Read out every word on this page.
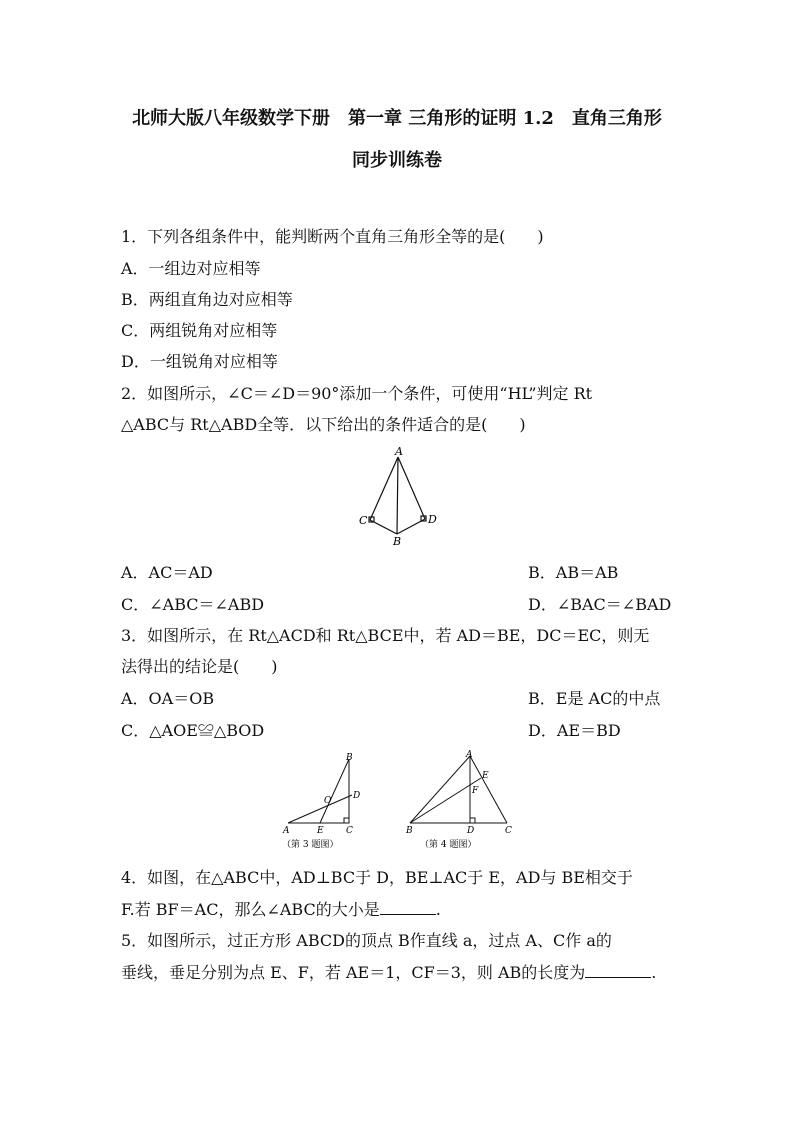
北师大版八年级数学下册　第一章 三角形的证明 1.2　直角三角形
同步训练卷
1．下列各组条件中，能判断两个直角三角形全等的是(　　)
A．一组边对应相等
B．两组直角边对应相等
C．两组锐角对应相等
D．一组锐角对应相等
2．如图所示，∠C＝∠D＝90°添加一个条件，可使用“HL”判定 Rt
△ABC与 Rt△ABD全等．以下给出的条件适合的是(　　)
A
C	D
B
A．AC＝AD	B．AB＝AB
C．∠ABC＝∠ABD	D．∠BAC＝∠BAD
3．如图所示，在 Rt△ACD和 Rt△BCE中，若 AD＝BE，DC＝EC，则无
法得出的结论是(　　)
A．OA＝OB	B．E是 AC的中点
C．△AOE≌△BOD	D．AE＝BD
B
O D
A	E C
（第 3 题图）
A
E
F
B	D	C
（第 4 题图）
4．如图，在△ABC中，AD⊥BC于 D，BE⊥AC于 E，AD与 BE相交于
F.若 BF＝AC，那么∠ABC的大小是	.
5．如图所示，过正方形 ABCD的顶点 B作直线 a，过点 A、C作 a的
垂线，垂足分别为点 E、F，若 AE＝1，CF＝3，则 AB的长度为	.
